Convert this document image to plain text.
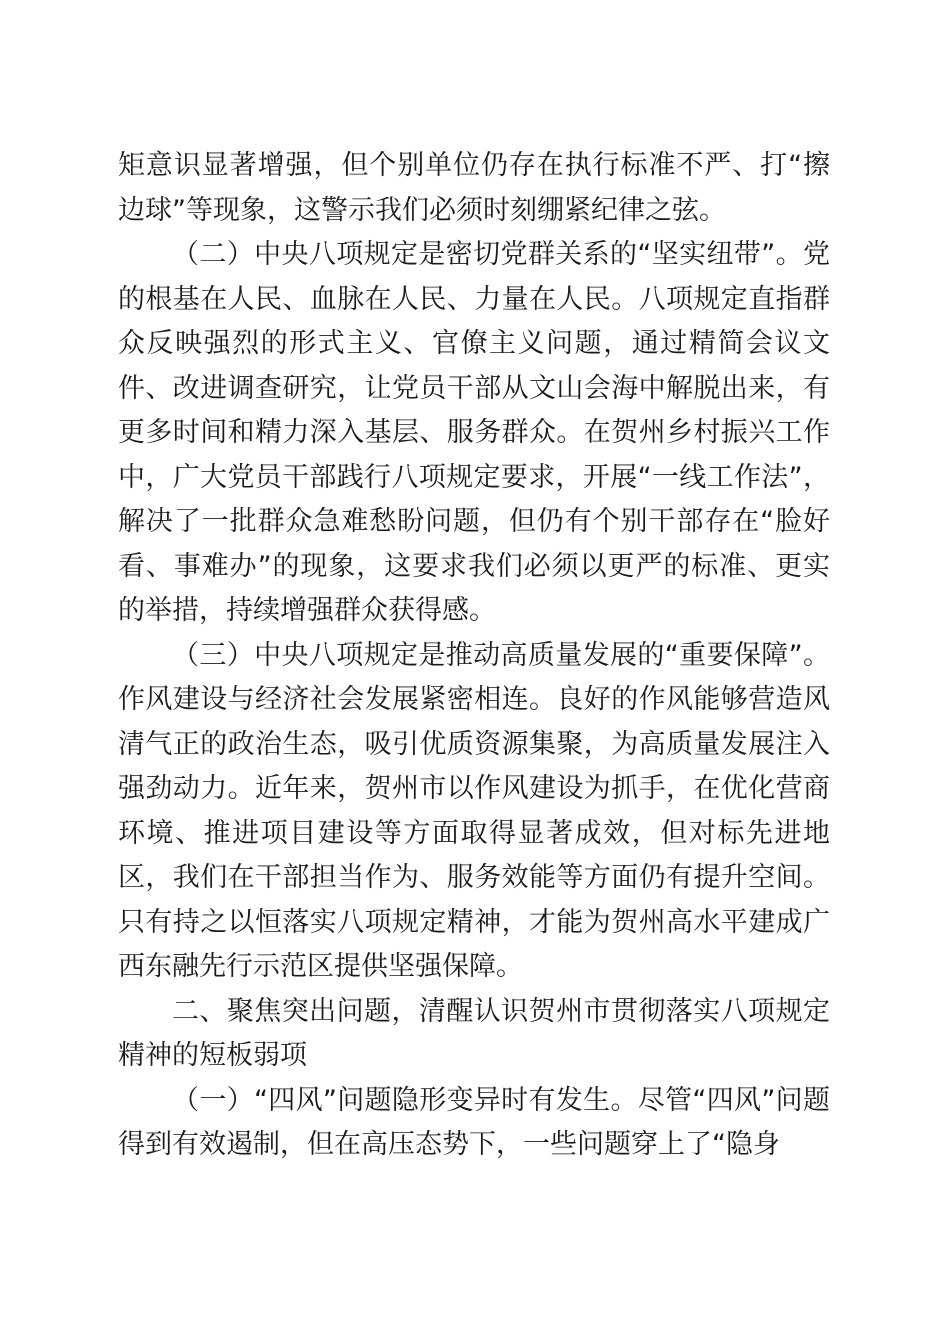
矩意识显著增强，但个别单位仍存在执行标准不严、打“擦边球”等现象，这警示我们必须时刻绷紧纪律之弦。

（二）中央八项规定是密切党群关系的“坚实纽带”。党的根基在人民、血脉在人民、力量在人民。八项规定直指群众反映强烈的形式主义、官僚主义问题，通过精简会议文件、改进调查研究，让党员干部从文山会海中解脱出来，有更多时间和精力深入基层、服务群众。在贺州乡村振兴工作中，广大党员干部践行八项规定要求，开展“一线工作法”，解决了一批群众急难愁盼问题，但仍有个别干部存在“脸好看、事难办”的现象，这要求我们必须以更严的标准、更实的举措，持续增强群众获得感。

（三）中央八项规定是推动高质量发展的“重要保障”。作风建设与经济社会发展紧密相连。良好的作风能够营造风清气正的政治生态，吸引优质资源集聚，为高质量发展注入强劲动力。近年来，贺州市以作风建设为抓手，在优化营商环境、推进项目建设等方面取得显著成效，但对标先进地区，我们在干部担当作为、服务效能等方面仍有提升空间。只有持之以恒落实八项规定精神，才能为贺州高水平建成广西东融先行示范区提供坚强保障。

二、聚焦突出问题，清醒认识贺州市贯彻落实八项规定精神的短板弱项

（一）“四风”问题隐形变异时有发生。尽管“四风”问题得到有效遏制，但在高压态势下，一些问题穿上了“隐身
